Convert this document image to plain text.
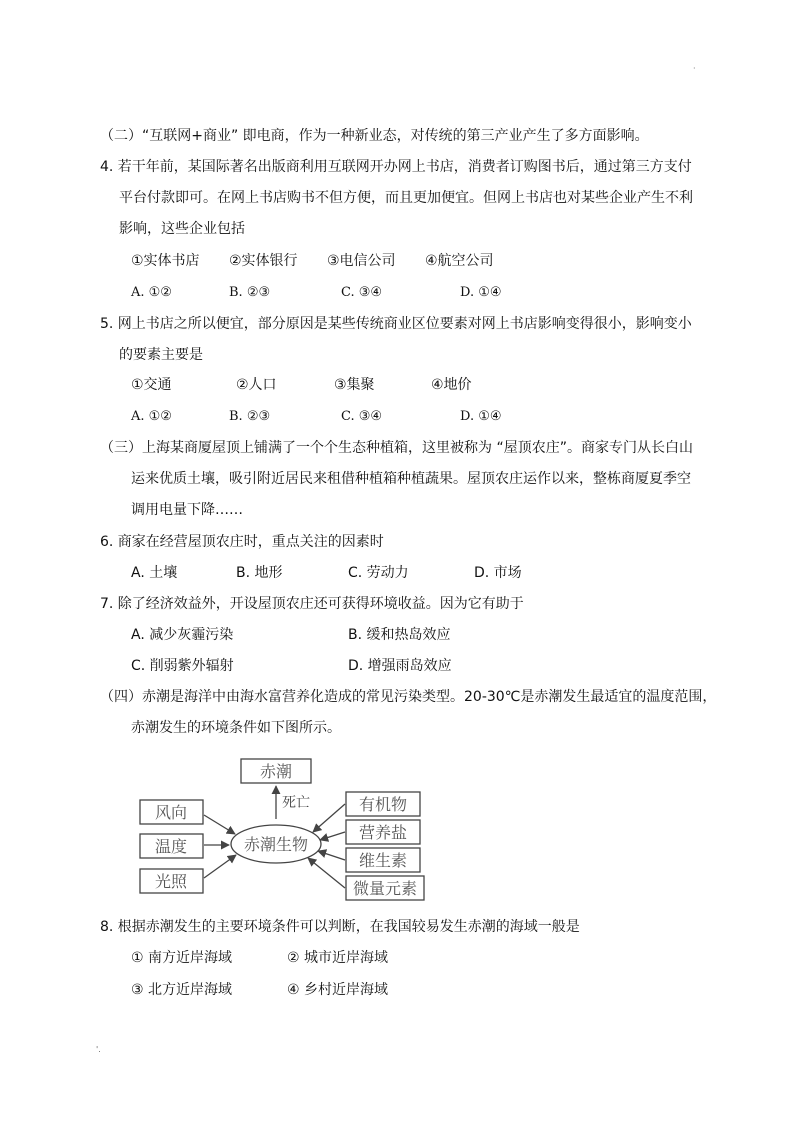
·
（二）“互联网+商业” 即电商，作为一种新业态，对传统的第三产业产生了多方面影响。
4. 若干年前，某国际著名出版商利用互联网开办网上书店，消费者订购图书后，通过第三方支付
平台付款即可。在网上书店购书不但方便，而且更加便宜。但网上书店也对某些企业产生不利
影响，这些企业包括
①实体书店 ②实体银行 ③电信公司 ④航空公司
A. ①②	B. ②③	C. ③④	D. ①④
5. 网上书店之所以便宜，部分原因是某些传统商业区位要素对网上书店影响变得很小，影响变小
的要素主要是
①交通	②人口	③集聚	④地价
A. ①②	B. ②③	C. ③④	D. ①④
（三）上海某商厦屋顶上铺满了一个个生态种植箱，这里被称为 “屋顶农庄”。商家专门从长白山
运来优质土壤，吸引附近居民来租借种植箱种植蔬果。屋顶农庄运作以来，整栋商厦夏季空
调用电量下降……
6. 商家在经营屋顶农庄时，重点关注的因素时
A. 土壤	B. 地形	C. 劳动力	D. 市场
7. 除了经济效益外，开设屋顶农庄还可获得环境收益。因为它有助于
A. 减少灰霾污染	B. 缓和热岛效应
C. 削弱紫外辐射	D. 增强雨岛效应
（四）赤潮是海洋中由海水富营养化造成的常见污染类型。20-30℃是赤潮发生最适宜的温度范围，
赤潮发生的环境条件如下图所示。
赤潮
死亡
赤潮生物
温度
风向
光照
有机物
营养盐
维生素
微量元素
8. 根据赤潮发生的主要环境条件可以判断，在我国较易发生赤潮的海域一般是
① 南方近岸海域	② 城市近岸海域
③ 北方近岸海域	④ 乡村近岸海域
'.
